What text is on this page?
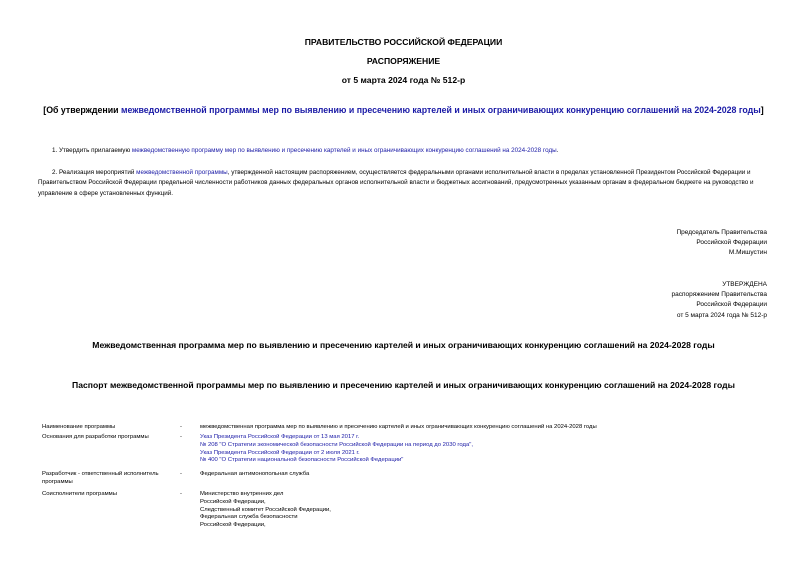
ПРАВИТЕЛЬСТВО РОССИЙСКОЙ ФЕДЕРАЦИИ
РАСПОРЯЖЕНИЕ
от 5 марта 2024 года № 512-р
[Об утверждении межведомственной программы мер по выявлению и пресечению картелей и иных ограничивающих конкуренцию соглашений на 2024-2028 годы]
1. Утвердить прилагаемую межведомственную программу мер по выявлению и пресечению картелей и иных ограничивающих конкуренцию соглашений на 2024-2028 годы.
2. Реализация мероприятий межведомственной программы, утвержденной настоящим распоряжением, осуществляется федеральными органами исполнительной власти в пределах установленной Президентом Российской Федерации и Правительством Российской Федерации предельной численности работников данных федеральных органов исполнительной власти и бюджетных ассигнований, предусмотренных указанным органам в федеральном бюджете на руководство и управление в сфере установленных функций.
Председатель Правительства
Российской Федерации
М.Мишустин
УТВЕРЖДЕНА
распоряжением Правительства
Российской Федерации
от 5 марта 2024 года № 512-р
Межведомственная программа мер по выявлению и пресечению картелей и иных ограничивающих конкуренцию соглашений на 2024-2028 годы
Паспорт межведомственной программы мер по выявлению и пресечению картелей и иных ограничивающих конкуренцию соглашений на 2024-2028 годы
Наименование программы	-	межведомственная программа мер по выявлению и пресечению картелей и иных ограничивающих конкуренцию соглашений на 2024-2028 годы
Основания для разработки программы	-	Указ Президента Российской Федерации от 13 мая 2017 г.
№ 208 "О Стратегии экономической безопасности Российской Федерации на период до 2030 года",
Указ Президента Российской Федерации от 2 июля 2021 г.
№ 400 "О Стратегии национальной безопасности Российской Федерации"
Разработчик - ответственный исполнитель
программы
-	Федеральная антимонопольная служба
Соисполнители программы	-	Министерство внутренних дел
Российской Федерации,
Следственный комитет Российской Федерации,
Федеральная служба безопасности
Российской Федерации,
